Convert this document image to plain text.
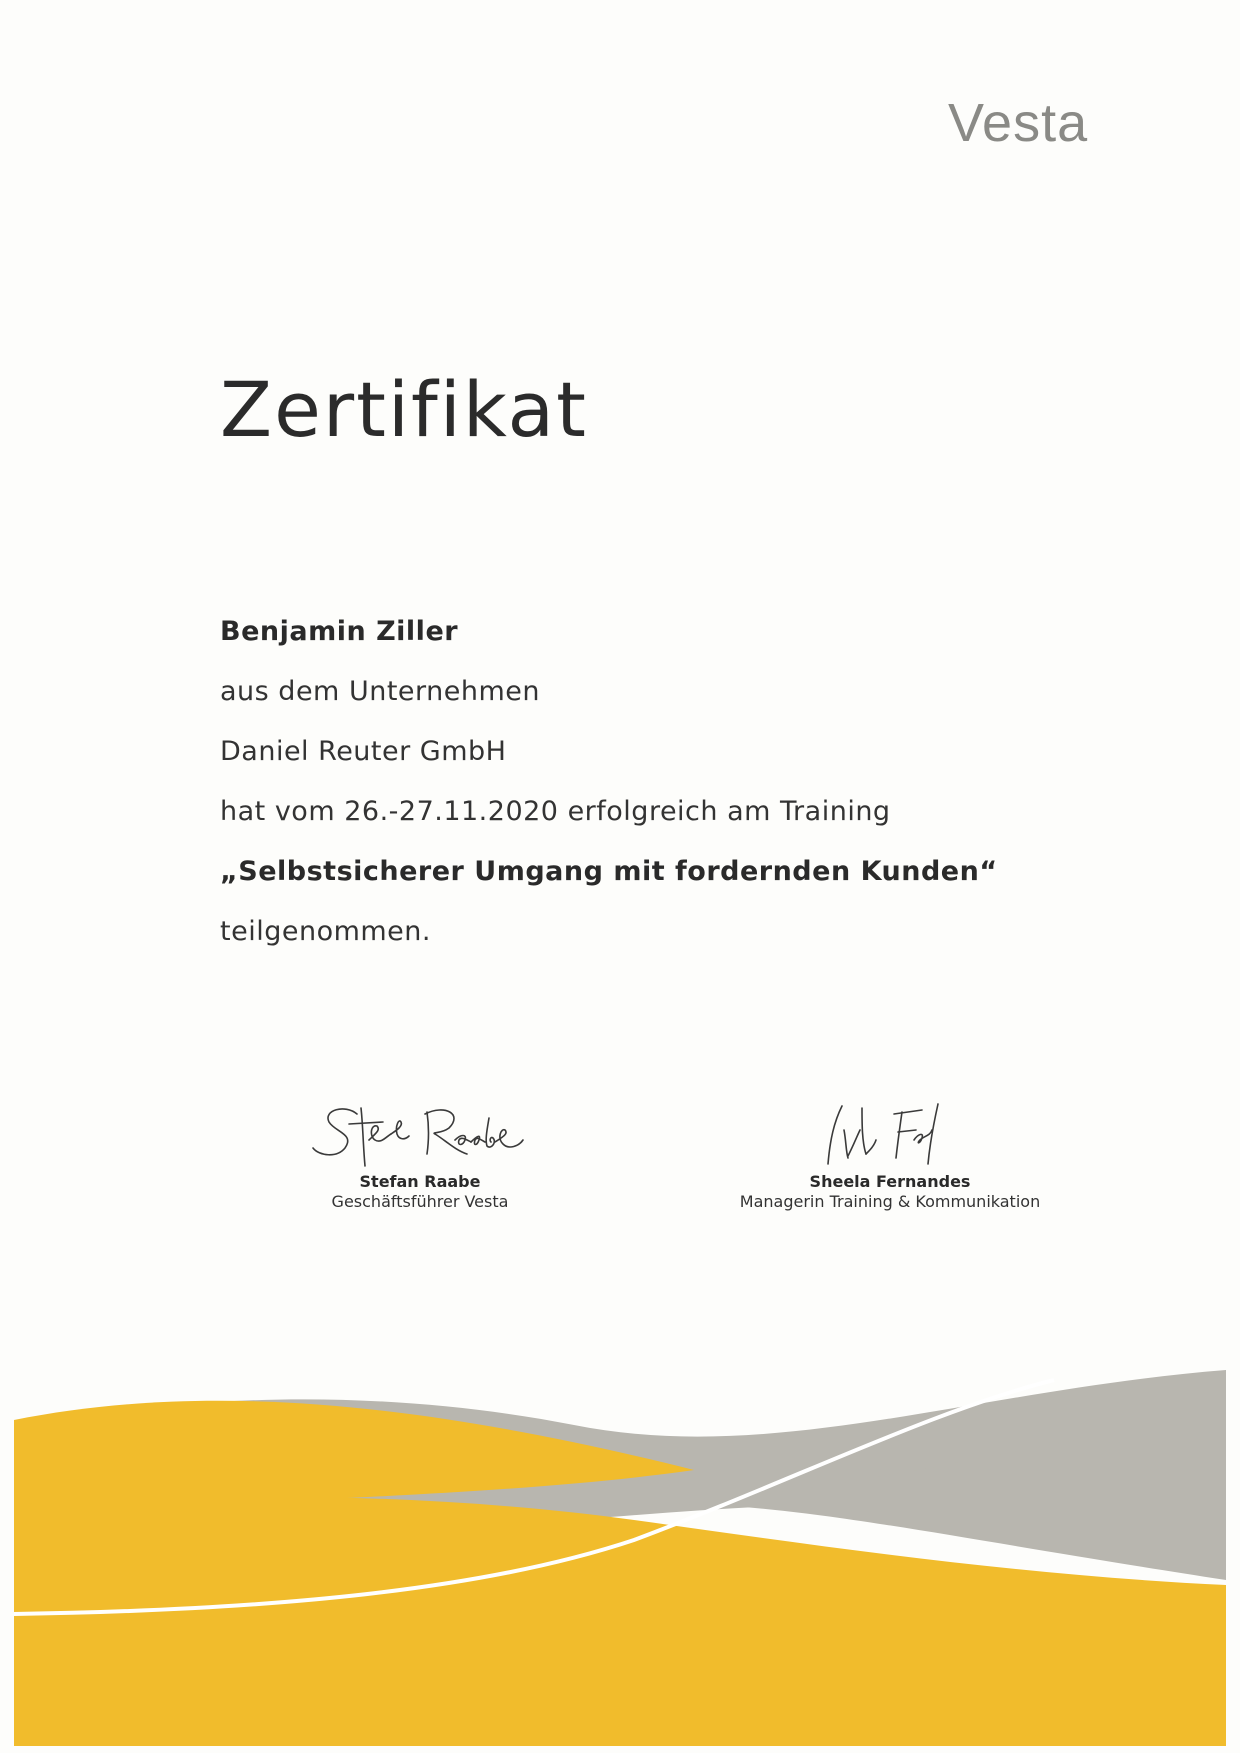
Vesta
Zertifikat
Benjamin Ziller
aus dem Unternehmen
Daniel Reuter GmbH
hat vom 26.-27.11.2020 erfolgreich am Training
„Selbstsicherer Umgang mit fordernden Kunden“
teilgenommen.
Stefan Raabe
Geschäftsführer Vesta
Sheela Fernandes
Managerin Training & Kommunikation
